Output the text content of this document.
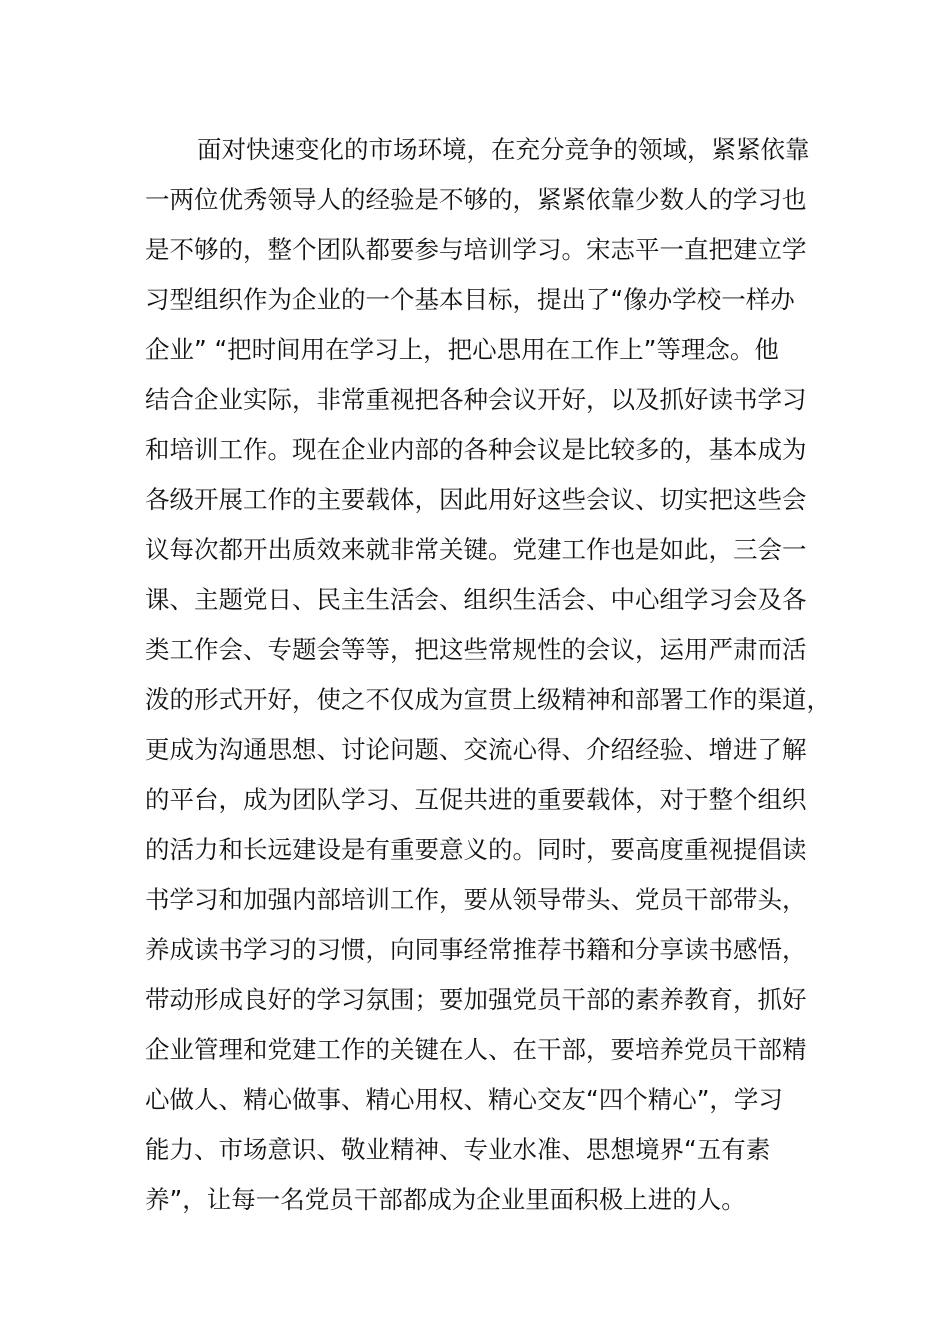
面对快速变化的市场环境，在充分竞争的领域，紧紧依靠
一两位优秀领导人的经验是不够的，紧紧依靠少数人的学习也
是不够的，整个团队都要参与培训学习。宋志平一直把建立学
习型组织作为企业的一个基本目标，提出了“像办学校一样办
企业” “把时间用在学习上，把心思用在工作上”等理念。他
结合企业实际，非常重视把各种会议开好，以及抓好读书学习
和培训工作。现在企业内部的各种会议是比较多的，基本成为
各级开展工作的主要载体，因此用好这些会议、切实把这些会
议每次都开出质效来就非常关键。党建工作也是如此，三会一
课、主题党日、民主生活会、组织生活会、中心组学习会及各
类工作会、专题会等等，把这些常规性的会议，运用严肃而活
泼的形式开好，使之不仅成为宣贯上级精神和部署工作的渠道，
更成为沟通思想、讨论问题、交流心得、介绍经验、增进了解
的平台，成为团队学习、互促共进的重要载体，对于整个组织
的活力和长远建设是有重要意义的。同时，要高度重视提倡读
书学习和加强内部培训工作，要从领导带头、党员干部带头，
养成读书学习的习惯，向同事经常推荐书籍和分享读书感悟，
带动形成良好的学习氛围；要加强党员干部的素养教育，抓好
企业管理和党建工作的关键在人、在干部，要培养党员干部精
心做人、精心做事、精心用权、精心交友“四个精心”，学习
能力、市场意识、敬业精神、专业水准、思想境界“五有素
养”，让每一名党员干部都成为企业里面积极上进的人。
